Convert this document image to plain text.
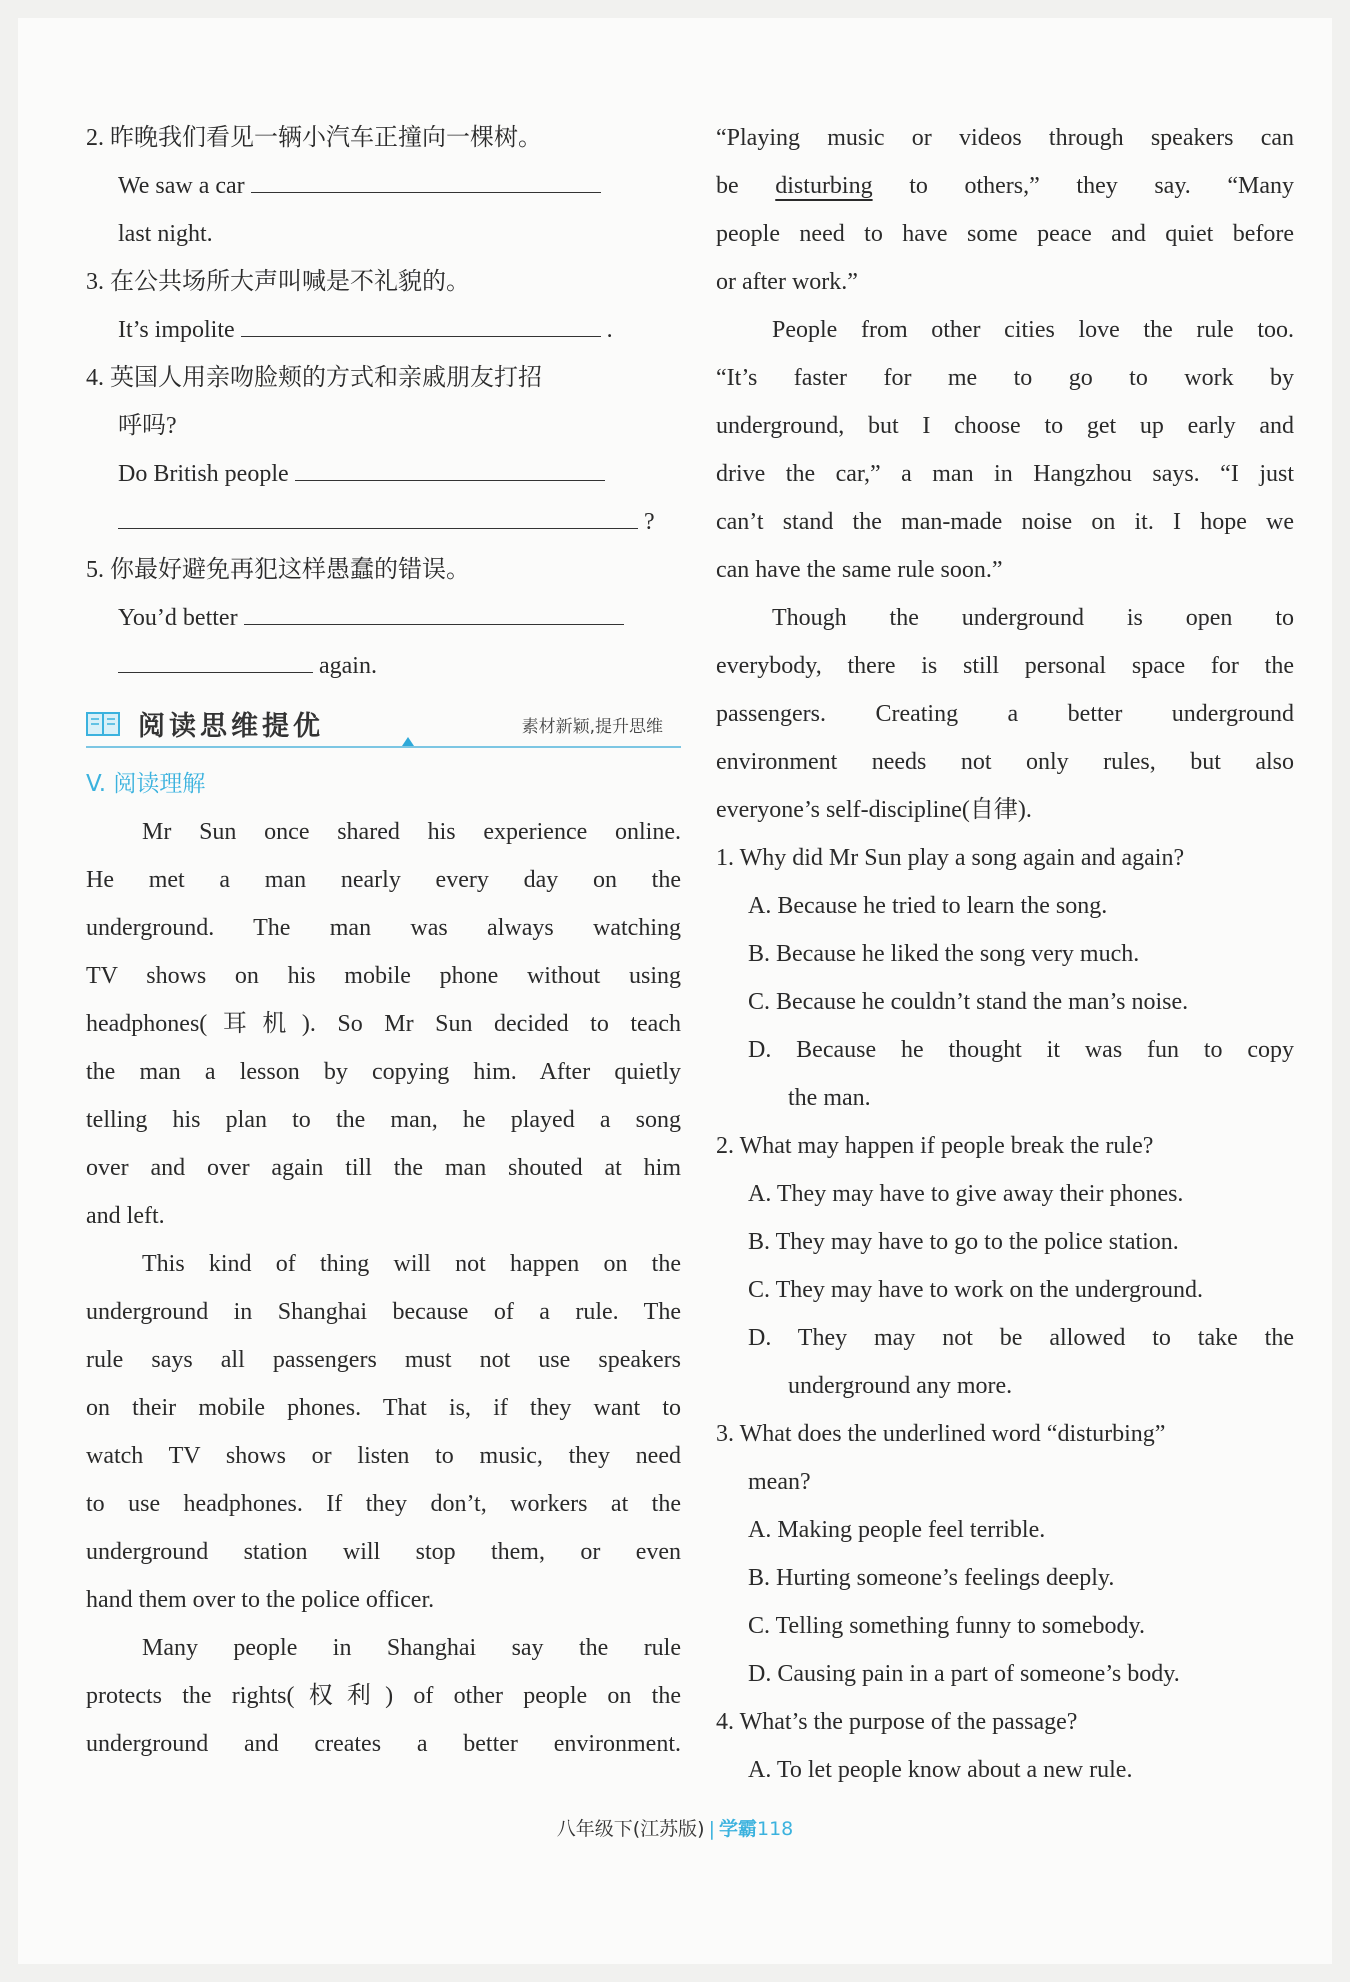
2. 昨晚我们看见一辆小汽车正撞向一棵树。
We saw a car
last night.
3. 在公共场所大声叫喊是不礼貌的。
It’s impolite	.
4. 英国人用亲吻脸颊的方式和亲戚朋友打招
呼吗?
Do British people
?
5. 你最好避免再犯这样愚蠢的错误。
You’d better
again.
阅读思维提优	素材新颖,提升思维
V. 阅读理解
Mr Sun once shared his experience online.
He met a man nearly every day on the
underground. The man was always watching
TV shows on his mobile phone without using
headphones(耳机). So Mr Sun decided to teach
the man a lesson by copying him. After quietly
telling his plan to the man, he played a song
over and over again till the man shouted at him
and left.
This kind of thing will not happen on the
underground in Shanghai because of a rule. The
rule says all passengers must not use speakers
on their mobile phones. That is, if they want to
watch TV shows or listen to music, they need
to use headphones. If they don’t, workers at the
underground station will stop them, or even
hand them over to the police officer.
Many people in Shanghai say the rule
protects the rights(权利) of other people on the
underground and creates a better environment.
“Playing music or videos through speakers can
be disturbing to others,” they say. “Many
people need to have some peace and quiet before
or after work.”
People from other cities love the rule too.
“It’s faster for me to go to work by
underground, but I choose to get up early and
drive the car,” a man in Hangzhou says. “I just
can’t stand the man-made noise on it. I hope we
can have the same rule soon.”
Though the underground is open to
everybody, there is still personal space for the
passengers. Creating a better underground
environment needs not only rules, but also
everyone’s self-discipline(自律).
1. Why did Mr Sun play a song again and again?
A. Because he tried to learn the song.
B. Because he liked the song very much.
C. Because he couldn’t stand the man’s noise.
D. Because he thought it was fun to copy
the man.
2. What may happen if people break the rule?
A. They may have to give away their phones.
B. They may have to go to the police station.
C. They may have to work on the underground.
D. They may not be allowed to take the
underground any more.
3. What does the underlined word “disturbing”
mean?
A. Making people feel terrible.
B. Hurting someone’s feelings deeply.
C. Telling something funny to somebody.
D. Causing pain in a part of someone’s body.
4. What’s the purpose of the passage?
A. To let people know about a new rule.
八年级下(江苏版) | 学霸118
